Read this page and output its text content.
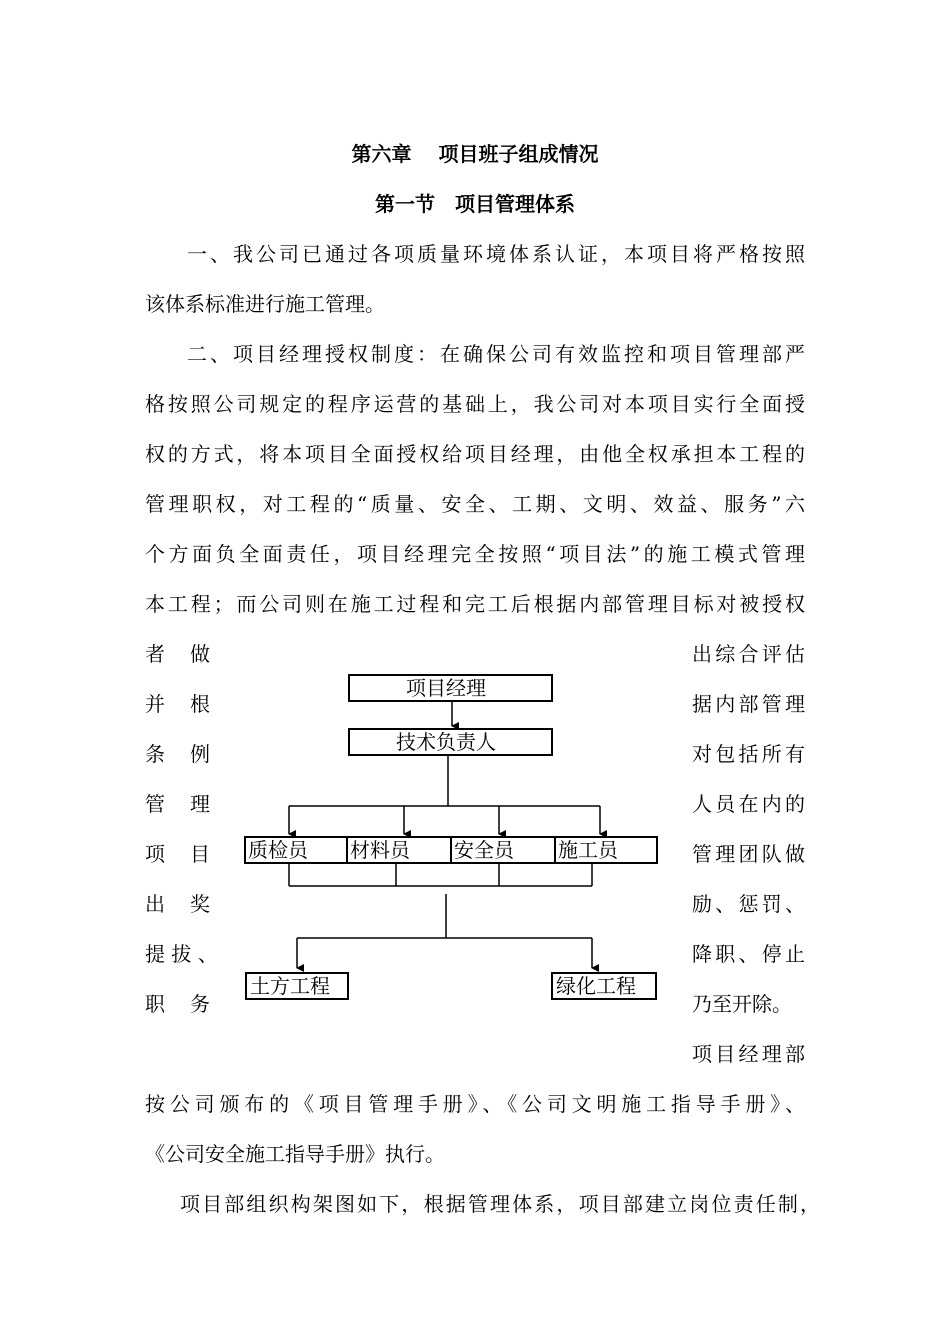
第六章　 项目班子组成情况
第一节　项目管理体系
一、我公司已通过各项质量环境体系认证，本项目将严格按照
该体系标准进行施工管理。
二、项目经理授权制度：在确保公司有效监控和项目管理部严
格按照公司规定的程序运营的基础上，我公司对本项目实行全面授
权的方式，将本项目全面授权给项目经理，由他全权承担本工程的
管理职权，对工程的“质量、安全、工期、文明、效益、服务”六
个方面负全面责任，项目经理完全按照“项目法”的施工模式管理
本工程；而公司则在施工过程和完工后根据内部管理目标对被授权
者　做
并　根
条　例
管　理
项　目
出　奖
提 拔 、
职　务
出综合评估
据内部管理
对包括所有
人员在内的
管理团队做
励、惩罚、
降职、停止
乃至开除。
项目经理部
项目经理
技术负责人
质检员	材料员	安全员	施工员
土方工程	绿化工程
按公司颁布的《项目管理手册》、《公司文明施工指导手册》、
《公司安全施工指导手册》执行。
项目部组织构架图如下，根据管理体系，项目部建立岗位责任制，
